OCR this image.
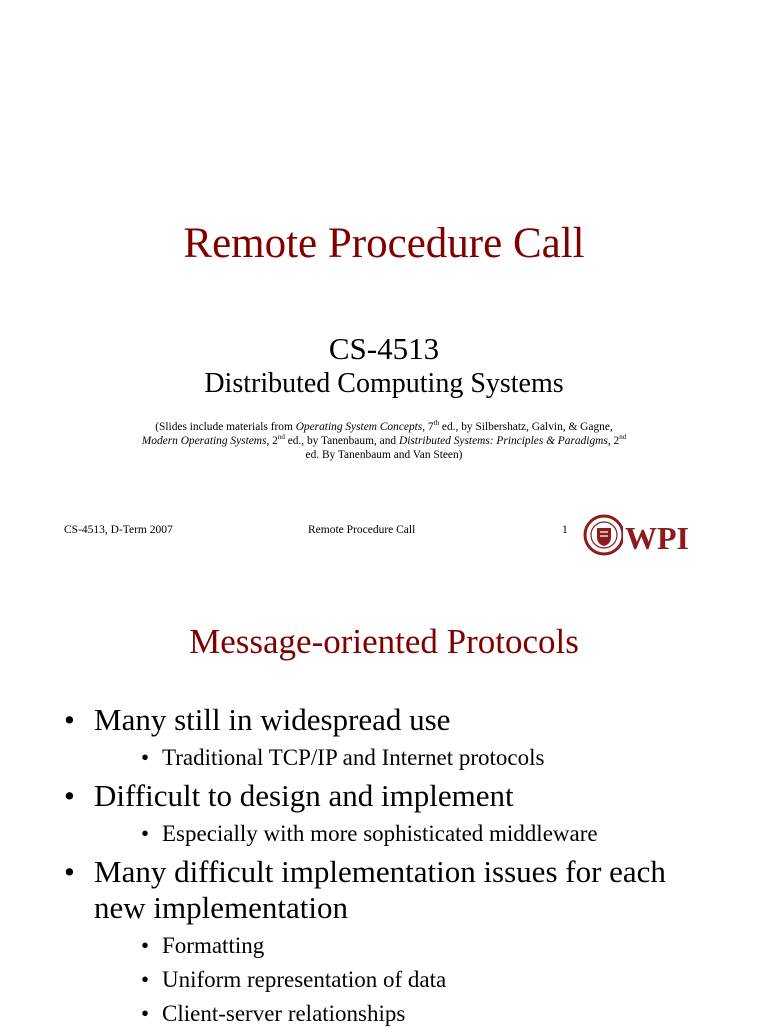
Remote Procedure Call
CS-4513
Distributed Computing Systems
(Slides include materials from Operating System Concepts, 7th ed., by Silbershatz, Galvin, & Gagne,
Modern Operating Systems, 2nd ed., by Tanenbaum, and Distributed Systems: Principles & Paradigms, 2nd
ed. By Tanenbaum and Van Steen)
CS-4513, D-Term 2007	Remote Procedure Call	1 WPI
Message-oriented Protocols
• Many still in widespread use
• Traditional TCP/IP and Internet protocols
• Difficult to design and implement
• Especially with more sophisticated middleware
• Many difficult implementation issues for each new implementation
• Formatting
• Uniform representation of data
• Client-server relationships
